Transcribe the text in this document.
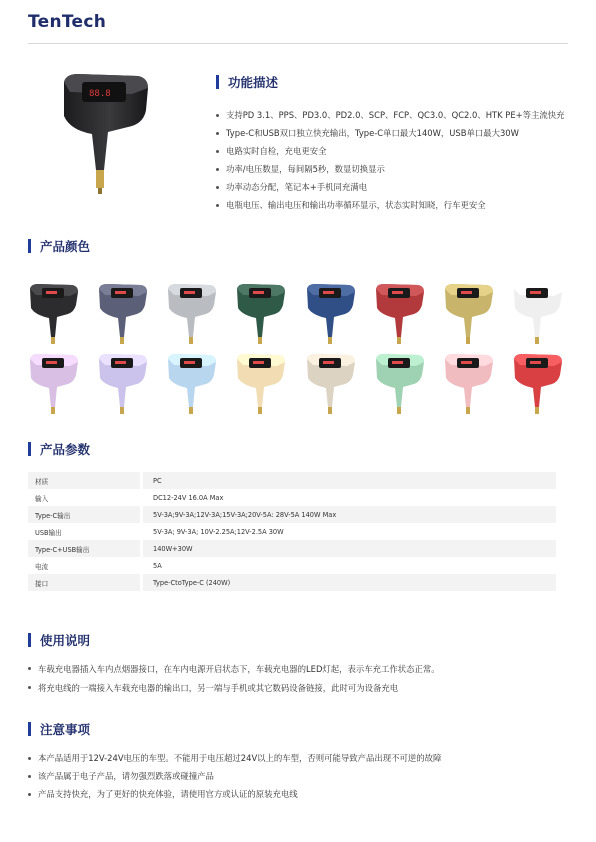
TenTech
88.8
功能描述
支持PD 3.1、PPS、PD3.0、PD2.0、SCP、FCP、QC3.0、QC2.0、HTK PE+等主流快充
Type-C和USB双口独立快充输出，Type-C单口最大140W，USB单口最大30W
电路实时自检，充电更安全
功率/电压数显，每间隔5秒，数显切换显示
功率动态分配，笔记本+手机同充满电
电瓶电压、输出电压和输出功率循环显示，状态实时知晓，行车更安全
产品颜色
产品参数
材质	PC
输入	DC12-24V 16.0A Max
Type-C输出	5V-3A;9V-3A;12V-3A;15V-3A;20V-5A: 28V-5A 140W Max
USB输出	5V-3A; 9V-3A; 10V-2.25A;12V-2.5A 30W
Type-C+USB输出	140W+30W
电流	5A
接口	Type-CtoType-C (240W)
使用说明
车载充电器插入车内点烟器接口，在车内电源开启状态下，车载充电器的LED灯起，表示车充工作状态正常。
将充电线的一端接入车载充电器的输出口，另一端与手机或其它数码设备链接，此时可为设备充电
注意事项
本产品适用于12V-24V电压的车型。不能用于电压超过24V以上的车型，否则可能导致产品出现不可逆的故障
该产品属于电子产品，请勿强烈跌落或碰撞产品
产品支持快充，为了更好的快充体验，请使用官方或认证的原装充电线
